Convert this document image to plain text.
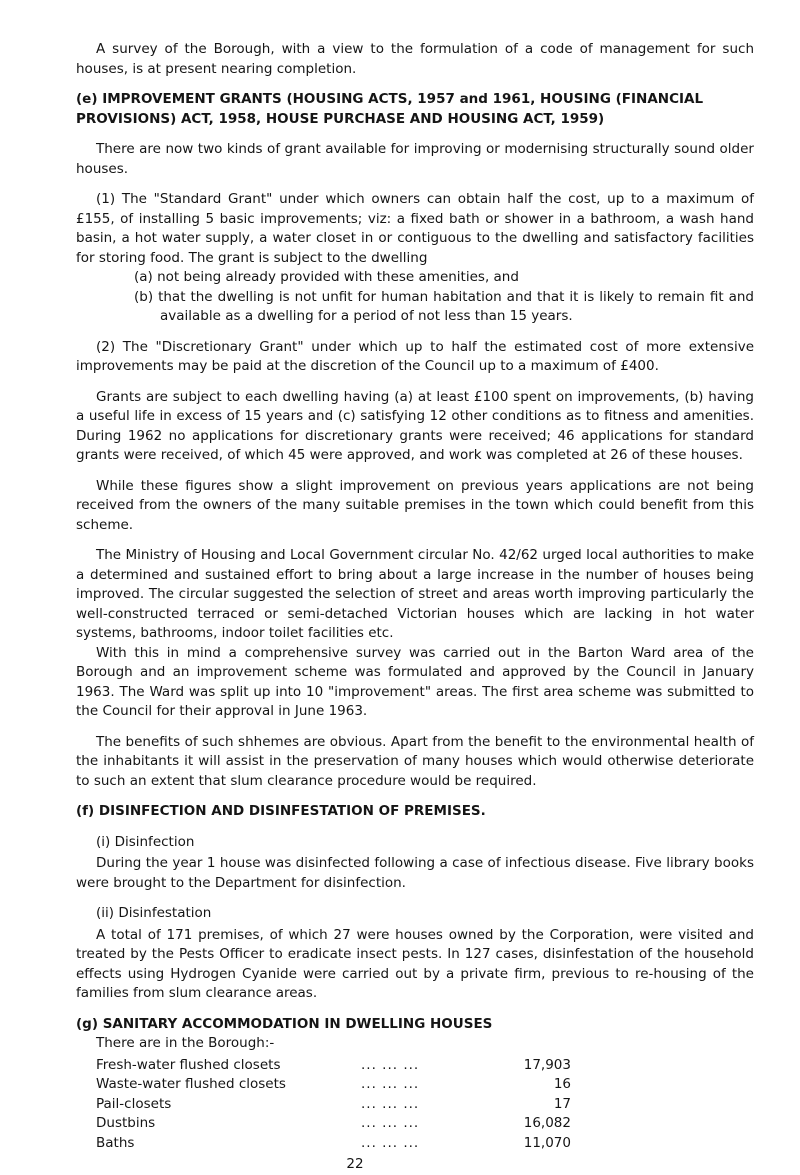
A survey of the Borough, with a view to the formulation of a code of management for such houses, is at present nearing completion.

(e) IMPROVEMENT GRANTS (HOUSING ACTS, 1957 and 1961, HOUSING (FINANCIAL PROVISIONS) ACT, 1958, HOUSE PURCHASE AND HOUSING ACT, 1959)

There are now two kinds of grant available for improving or modernising structurally sound older houses.

(1) The "Standard Grant" under which owners can obtain half the cost, up to a maximum of £155, of installing 5 basic improvements; viz: a fixed bath or shower in a bathroom, a wash hand basin, a hot water supply, a water closet in or contiguous to the dwelling and satisfactory facilities for storing food. The grant is subject to the dwelling

(a) not being already provided with these amenities, and

(b) that the dwelling is not unfit for human habitation and that it is likely to remain fit and available as a dwelling for a period of not less than 15 years.

(2) The "Discretionary Grant" under which up to half the estimated cost of more extensive improvements may be paid at the discretion of the Council up to a maximum of £400.

Grants are subject to each dwelling having (a) at least £100 spent on improvements, (b) having a useful life in excess of 15 years and (c) satisfying 12 other conditions as to fitness and amenities. During 1962 no applications for discretionary grants were received; 46 applications for standard grants were received, of which 45 were approved, and work was completed at 26 of these houses.

While these figures show a slight improvement on previous years applications are not being received from the owners of the many suitable premises in the town which could benefit from this scheme.

The Ministry of Housing and Local Government circular No. 42/62 urged local authorities to make a determined and sustained effort to bring about a large increase in the number of houses being improved. The circular suggested the selection of street and areas worth improving particularly the well-constructed terraced or semi-detached Victorian houses which are lacking in hot water systems, bathrooms, indoor toilet facilities etc.

With this in mind a comprehensive survey was carried out in the Barton Ward area of the Borough and an improvement scheme was formulated and approved by the Council in January 1963. The Ward was split up into 10 "improvement" areas. The first area scheme was submitted to the Council for their approval in June 1963.

The benefits of such shhemes are obvious. Apart from the benefit to the environmental health of the inhabitants it will assist in the preservation of many houses which would otherwise deteriorate to such an extent that slum clearance procedure would be required.

(f) DISINFECTION AND DISINFESTATION OF PREMISES.

(i) Disinfection

During the year 1 house was disinfected following a case of infectious disease. Five library books were brought to the Department for disinfection.

(ii) Disinfestation

A total of 171 premises, of which 27 were houses owned by the Corporation, were visited and treated by the Pests Officer to eradicate insect pests. In 127 cases, disinfestation of the household effects using Hydrogen Cyanide were carried out by a private firm, previous to re-housing of the families from slum clearance areas.

(g) SANITARY ACCOMMODATION IN DWELLING HOUSES

There are in the Borough:-

Fresh-water flushed closets	... ... ...	17,903
Waste-water flushed closets	... ... ...	16
Pail-closets	... ... ...	17
Dustbins	... ... ...	16,082
Baths	... ... ...	11,070

22
